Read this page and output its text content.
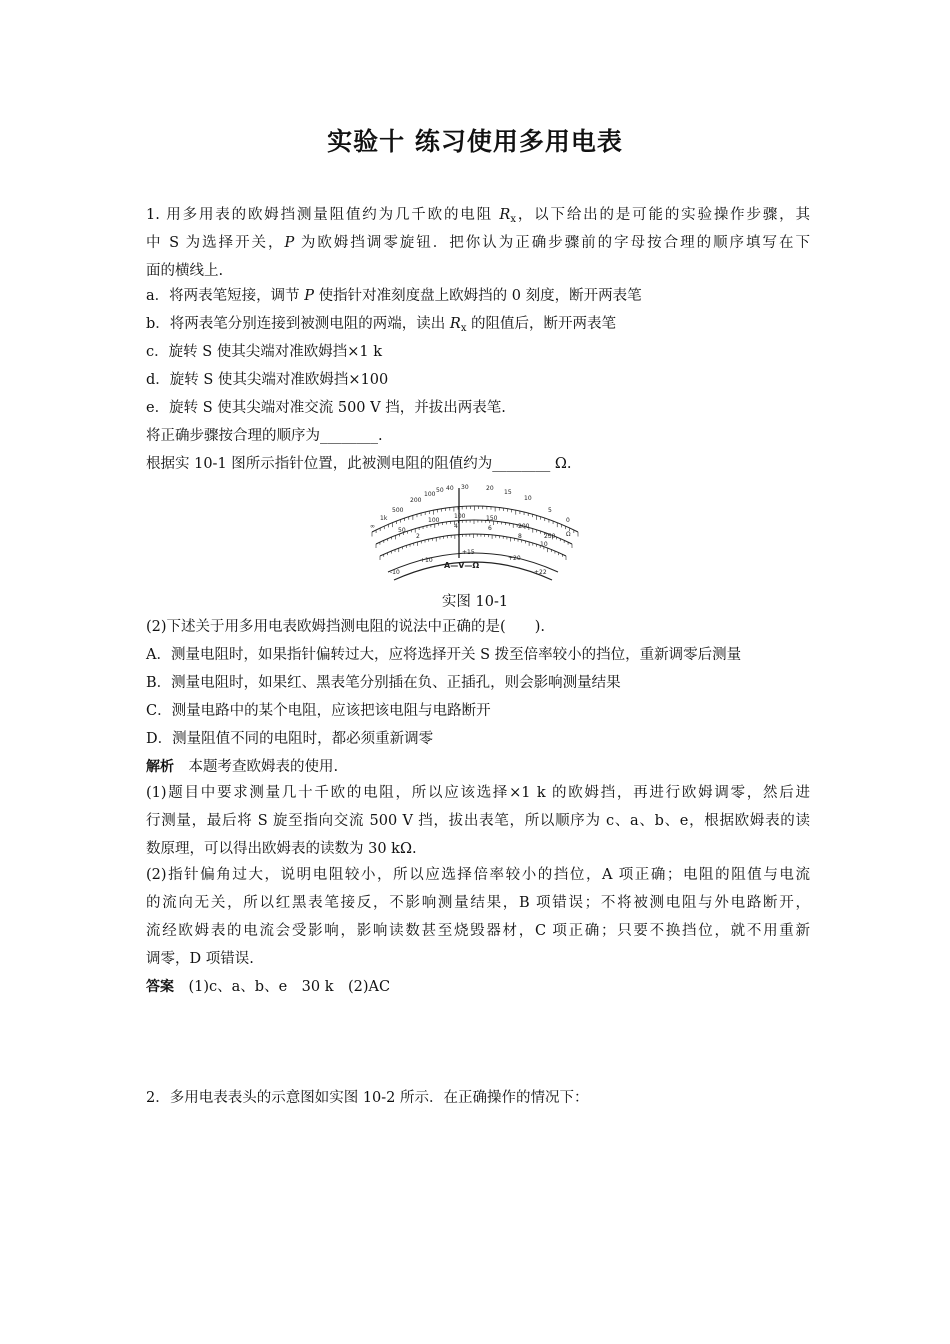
实验十 练习使用多用电表
1. 用多用表的欧姆挡测量阻值约为几千欧的电阻 $R_x$，以下给出的是可能的实验操作步骤，其
中 S 为选择开关，P 为欧姆挡调零旋钮．把你认为正确步骤前的字母按合理的顺序填写在下
面的横线上.
a．将两表笔短接，调节 P 使指针对准刻度盘上欧姆挡的 0 刻度，断开两表笔
b．将两表笔分别连接到被测电阻的两端，读出 $R_x$ 的阻值后，断开两表笔
c．旋转 S 使其尖端对准欧姆挡×1 k
d．旋转 S 使其尖端对准欧姆挡×100
e．旋转 S 使其尖端对准交流 500 V 挡，并拔出两表笔.
将正确步骤按合理的顺序为________.
根据实 10-1 图所示指针位置，此被测电阻的阻值约为________ Ω.
∞
1k
500
200
100
50 40 30	20
15
10
5
0
Ω
50
100
100	150
200
250
2
4	6
8
10
-10
+10
+15
+20
+22
A—V—Ω
实图 10-1
(2)下述关于用多用电表欧姆挡测电阻的说法中正确的是(　　).
A．测量电阻时，如果指针偏转过大，应将选择开关 S 拨至倍率较小的挡位，重新调零后测量
B．测量电阻时，如果红、黑表笔分别插在负、正插孔，则会影响测量结果
C．测量电路中的某个电阻，应该把该电阻与电路断开
D．测量阻值不同的电阻时，都必须重新调零
解析　本题考查欧姆表的使用.
(1)题目中要求测量几十千欧的电阻，所以应该选择×1 k 的欧姆挡，再进行欧姆调零，然后进
行测量，最后将 S 旋至指向交流 500 V 挡，拔出表笔，所以顺序为 c、a、b、e，根据欧姆表的读
数原理，可以得出欧姆表的读数为 30 kΩ.
(2)指针偏角过大，说明电阻较小，所以应选择倍率较小的挡位，A 项正确；电阻的阻值与电流
的流向无关，所以红黑表笔接反，不影响测量结果，B 项错误；不将被测电阻与外电路断开，
流经欧姆表的电流会受影响，影响读数甚至烧毁器材，C 项正确；只要不换挡位，就不用重新
调零，D 项错误.
答案　(1)c、a、b、e　30 k　(2)AC
2．多用电表表头的示意图如实图 10-2 所示．在正确操作的情况下：
